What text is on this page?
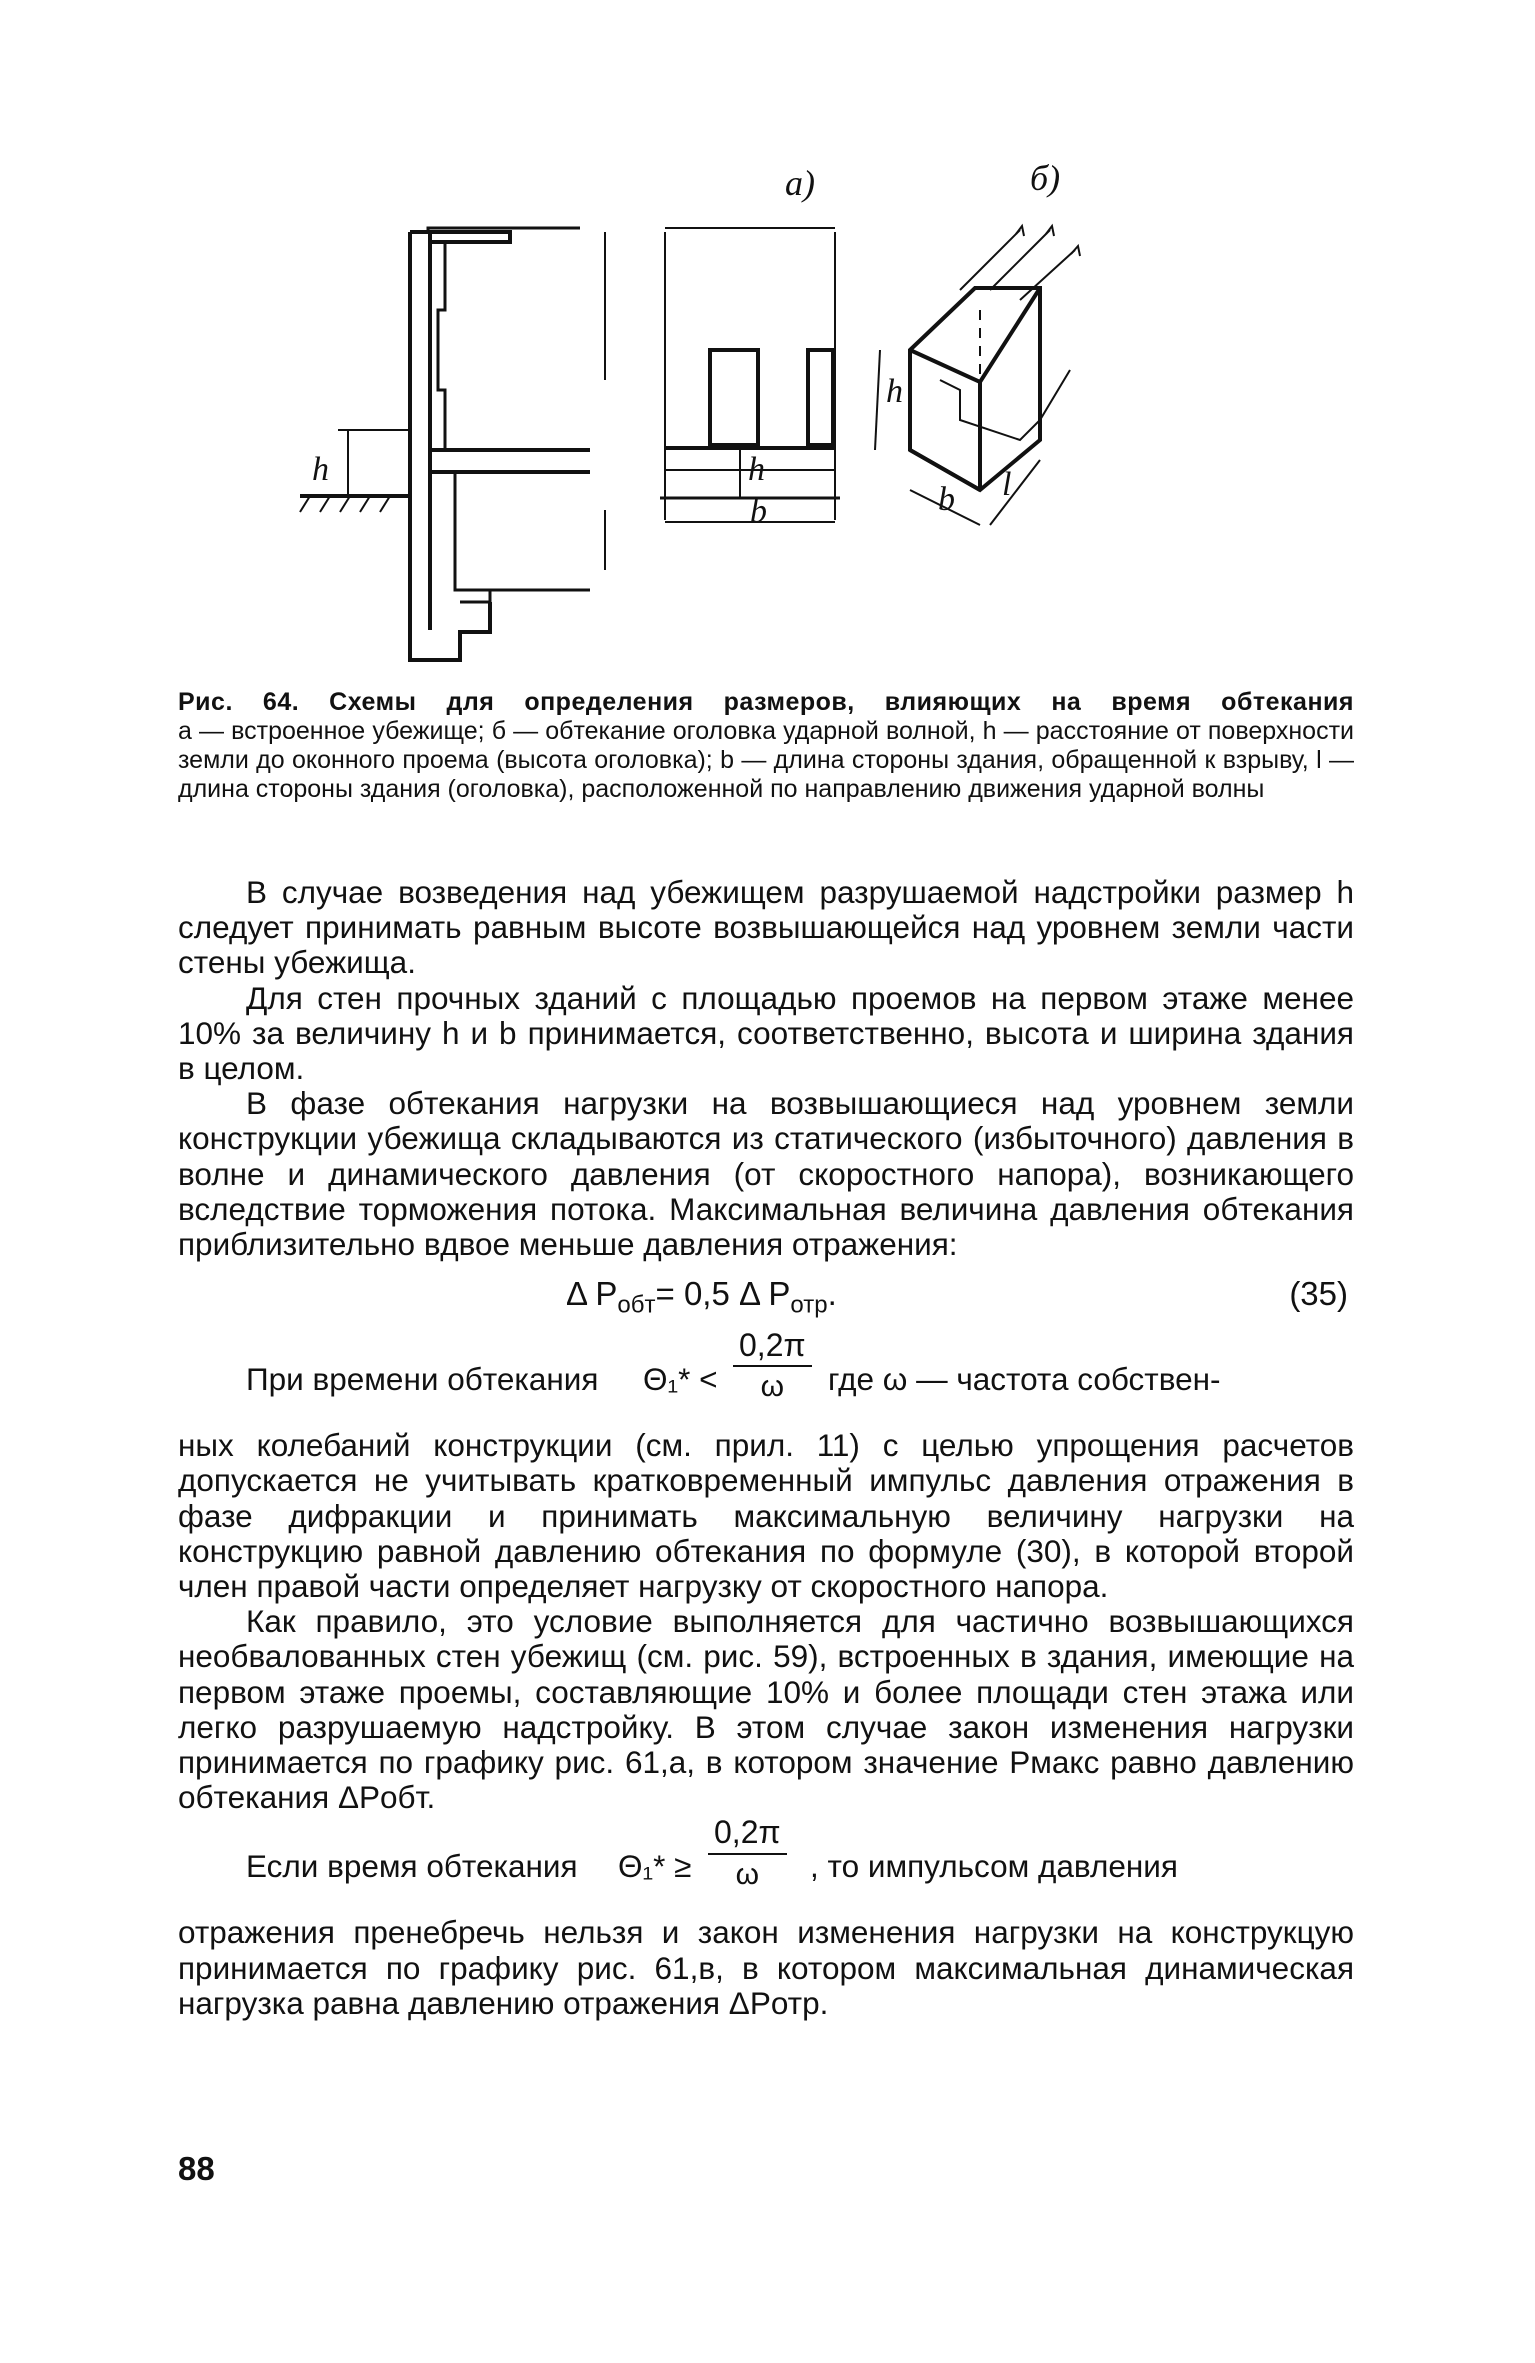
h
а)
h
b
б)
h
b l
Рис. 64. Схемы для определения размеров, влияющих на время обтекания
а — встроенное убежище; б — обтекание оголовка ударной волной, h — расстояние от поверхности земли до оконного проема (высота оголовка); b — длина стороны здания, обращенной к взрыву, l — длина стороны здания (оголовка), расположенной по направлению движения ударной волны

В случае возведения над убежищем разрушаемой надстройки размер h следует принимать равным высоте возвышающейся над уровнем земли части стены убежища.

Для стен прочных зданий с площадью проемов на первом этаже менее 10% за величину h и b принимается, соответственно, высота и ширина здания в целом.

В фазе обтекания нагрузки на возвышающиеся над уровнем земли конструкции убежища складываются из статического (избыточного) давления в волне и динамического давления (от скоростного напора), возникающего вследствие торможения потока. Максимальная величина давления обтекания приблизительно вдвое меньше давления отражения:

Δ $P_{обт}= 0,5$ Δ $P_{отр}$.	(35)
При времени обтекания $\Theta_1* < \frac{0,2\pi}{\omega}$ где ω — частота собствен-

ных колебаний конструкции (см. прил. 11) с целью упрощения расчетов допускается не учитывать кратковременный импульс давления отражения в фазе дифракции и принимать максимальную величину нагрузки на конструкцию равной давлению обтекания по формуле (30), в которой второй член правой части определяет нагрузку от скоростного напора.

Как правило, это условие выполняется для частично возвышающихся необвалованных стен убежищ (см. рис. 59), встроенных в здания, имеющие на первом этаже проемы, составляющие 10% и более площади стен этажа или легко разрушаемую надстройку. В этом случае закон изменения нагрузки принимается по графику рис. 61,а, в котором значение Pмакс равно давлению обтекания ΔPобт.

Если время обтекания $\Theta_1* \ge \frac{0,2\pi}{\omega}$ , то импульсом давления

отражения пренебречь нельзя и закон изменения нагрузки на конструкцую принимается по графику рис. 61,в, в котором максимальная динамическая нагрузка равна давлению отражения ΔPотр.

88
